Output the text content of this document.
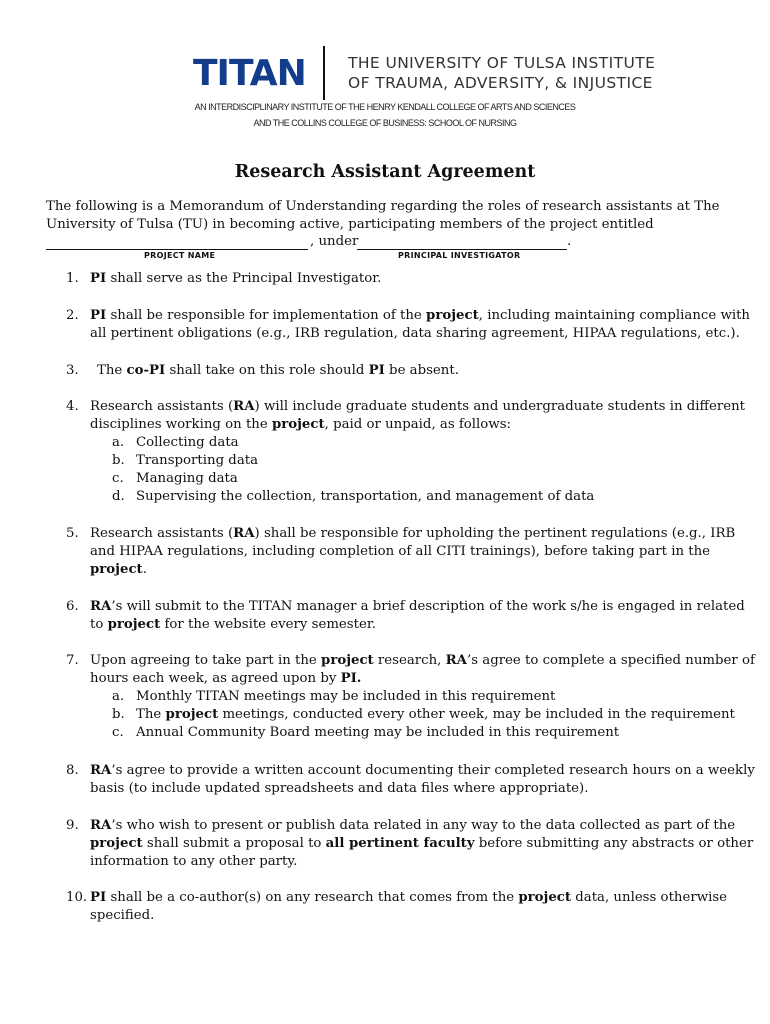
TITAN	THE UNIVERSITY OF TULSA INSTITUTE
OF TRAUMA, ADVERSITY, & INJUSTICE
AN INTERDISCIPLINARY INSTITUTE OF THE HENRY KENDALL COLLEGE OF ARTS AND SCIENCES
AND THE COLLINS COLLEGE OF BUSINESS: SCHOOL OF NURSING
Research Assistant Agreement

The following is a Memorandum of Understanding regarding the roles of research assistants at The
University of Tulsa (TU) in becoming active, participating members of the project entitled

, under	.
PROJECT NAME	PRINCIPAL INVESTIGATOR
1. PI shall serve as the Principal Investigator.
2. PI shall be responsible for implementation of the project, including maintaining compliance with
all pertinent obligations (e.g., IRB regulation, data sharing agreement, HIPAA regulations, etc.).
3.	The co-PI shall take on this role should PI be absent.
4. Research assistants (RA) will include graduate students and undergraduate students in different
disciplines working on the project, paid or unpaid, as follows:
a. Collecting data
b. Transporting data
c. Managing data
d. Supervising the collection, transportation, and management of data
5. Research assistants (RA) shall be responsible for upholding the pertinent regulations (e.g., IRB
and HIPAA regulations, including completion of all CITI trainings), before taking part in the
project.
6. RA’s will submit to the TITAN manager a brief description of the work s/he is engaged in related
to project for the website every semester.
7. Upon agreeing to take part in the project research, RA’s agree to complete a specified number of
hours each week, as agreed upon by PI.
a. Monthly TITAN meetings may be included in this requirement
b. The project meetings, conducted every other week, may be included in the requirement
c. Annual Community Board meeting may be included in this requirement
8. RA’s agree to provide a written account documenting their completed research hours on a weekly
basis (to include updated spreadsheets and data files where appropriate).
9. RA’s who wish to present or publish data related in any way to the data collected as part of the
project shall submit a proposal to all pertinent faculty before submitting any abstracts or other
information to any other party.
10. PI shall be a co-author(s) on any research that comes from the project data, unless otherwise
specified.
